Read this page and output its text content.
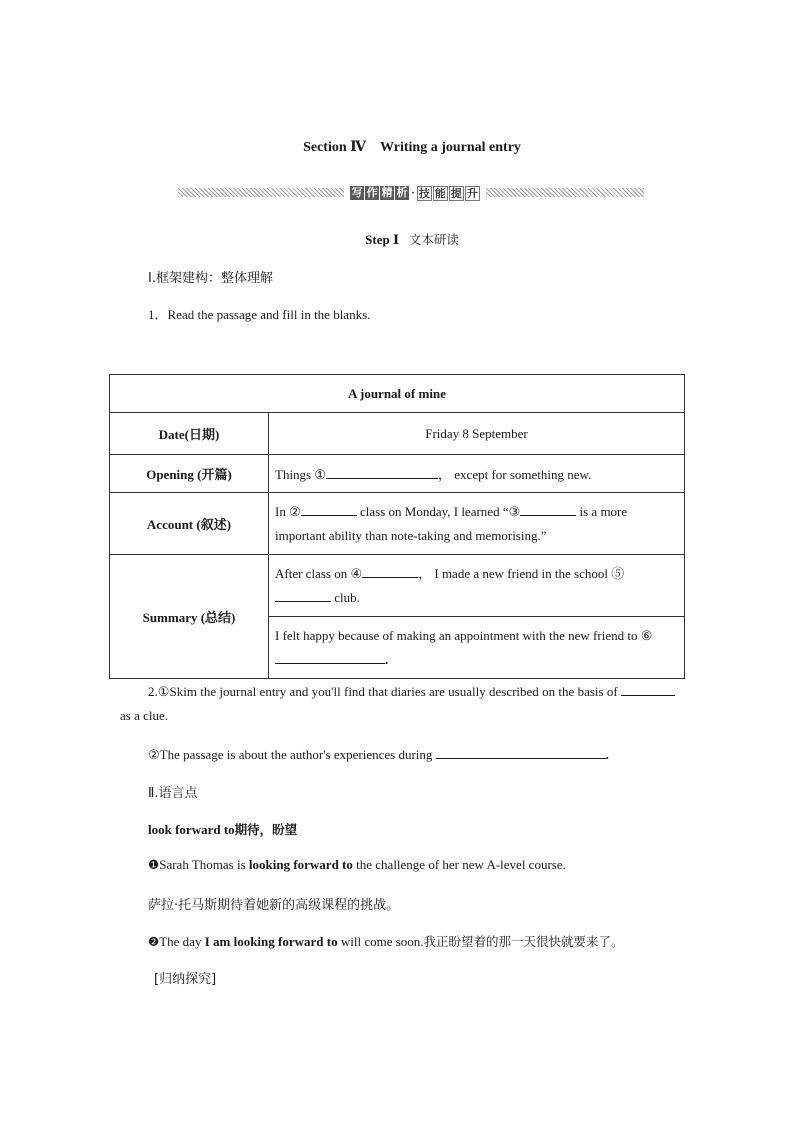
Section Ⅳ　Writing a journal entry
写 作 精 析 · 技 能 提 升
Step Ⅰ 文本研读
Ⅰ.框架建构：整体理解
1．Read the passage and fill in the blanks.
A journal of mine	
Date(日期)	Friday 8 September
Opening (开篇)	Things ① ， except for something new.
Account (叙述)	In ② class on Monday, I learned “③ is a more important ability than note-taking and memorising.”
Summary (总结)	After class on ④ ， I made a new friend in the school ⑤ club.
	I felt happy because of making an appointment with the new friend to ⑥.
2.①Skim the journal entry and you'll find that diaries are usually described on the basis of  as a clue.
②The passage is about the author's experiences during	.
Ⅱ.语言点
look forward to期待，盼望
❶Sarah Thomas is looking forward to the challenge of her new A-level course.
萨拉·托马斯期待着她新的高级课程的挑战。
❷The day I am looking forward to will come soon.我正盼望着的那一天很快就要来了。
[归纳探究]
